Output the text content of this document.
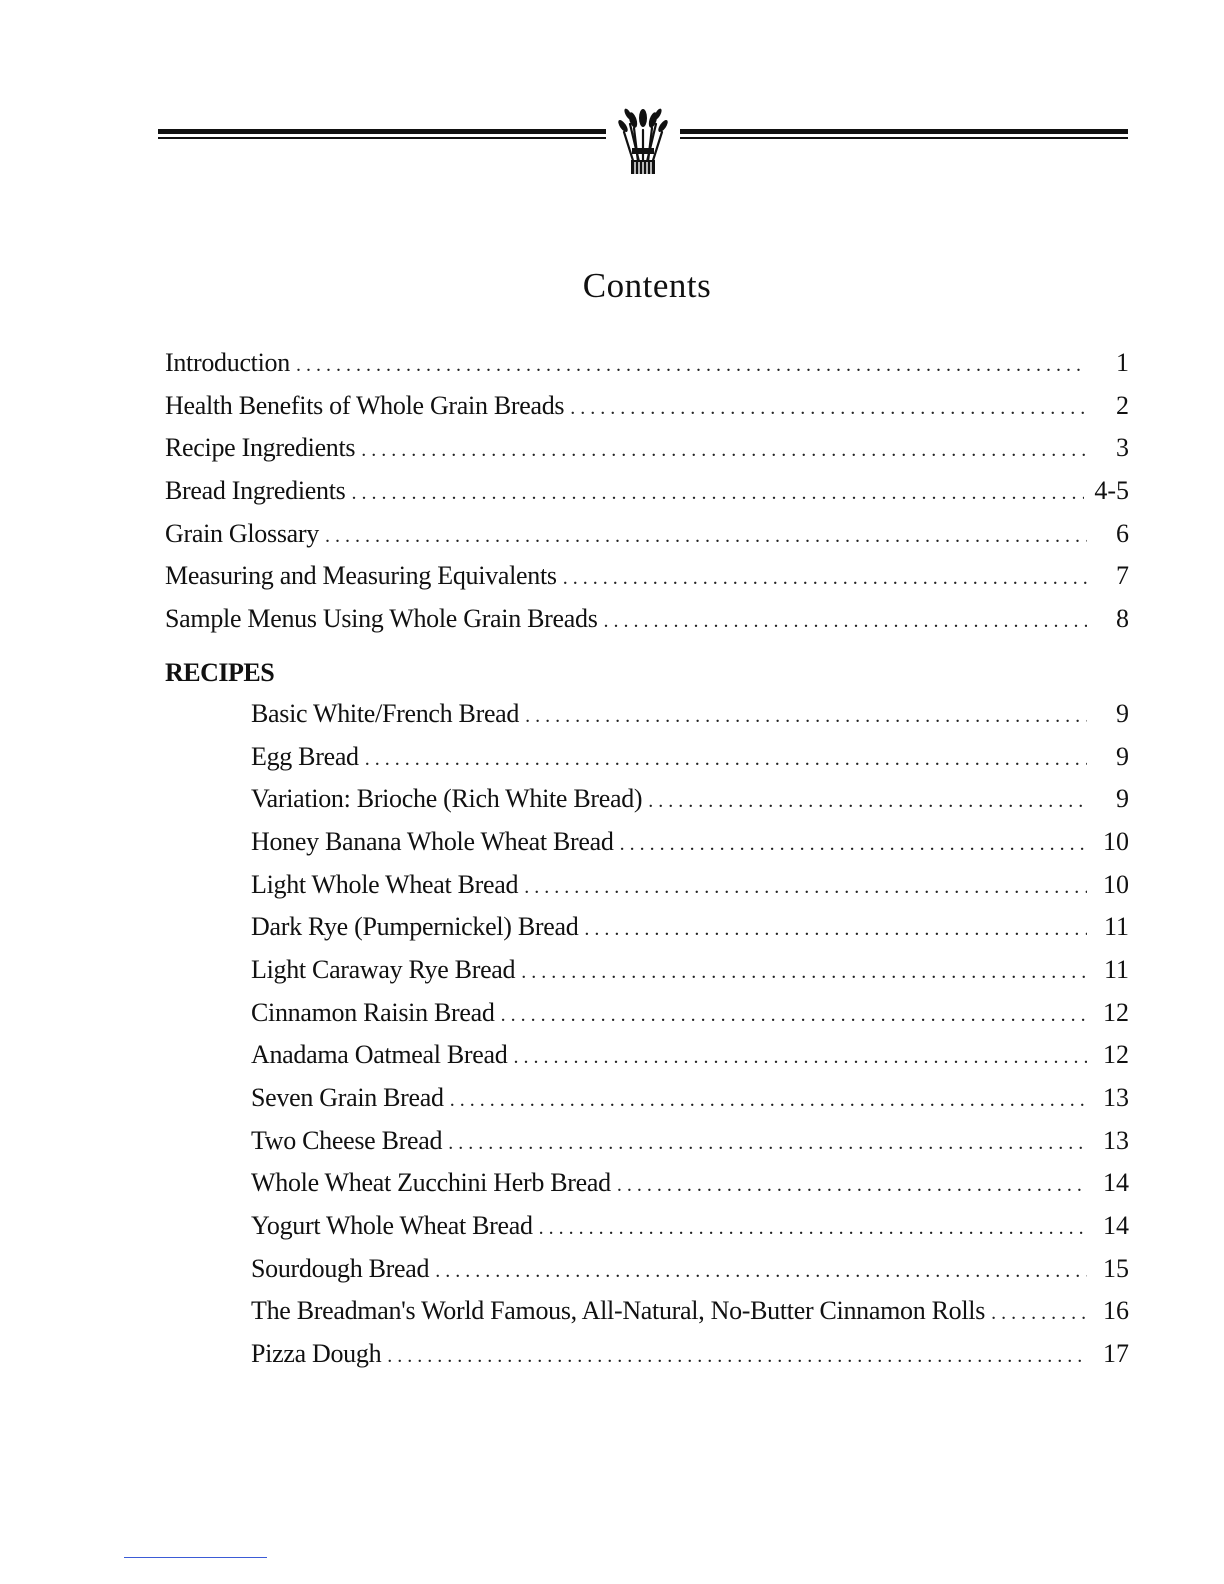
Contents
Introduction . . .	1
Health Benefits of Whole Grain Breads . . .	2
Recipe Ingredients . . .	3
Bread Ingredients . . .	4-5
Grain Glossary . . .	6
Measuring and Measuring Equivalents . . .	7
Sample Menus Using Whole Grain Breads . . .	8
RECIPES
Basic White/French Bread . . .	9
Egg Bread . . .	9
Variation: Brioche (Rich White Bread) . . .	9
Honey Banana Whole Wheat Bread . . .	10
Light Whole Wheat Bread . . .	10
Dark Rye (Pumpernickel) Bread . . .	11
Light Caraway Rye Bread . . .	11
Cinnamon Raisin Bread . . .	12
Anadama Oatmeal Bread . . .	12
Seven Grain Bread . . .	13
Two Cheese Bread . . .	13
Whole Wheat Zucchini Herb Bread . . .	14
Yogurt Whole Wheat Bread . . .	14
Sourdough Bread . . .	15
The Breadman's World Famous, All-Natural, No-Butter Cinnamon Rolls . . .	16
Pizza Dough . . .	17
